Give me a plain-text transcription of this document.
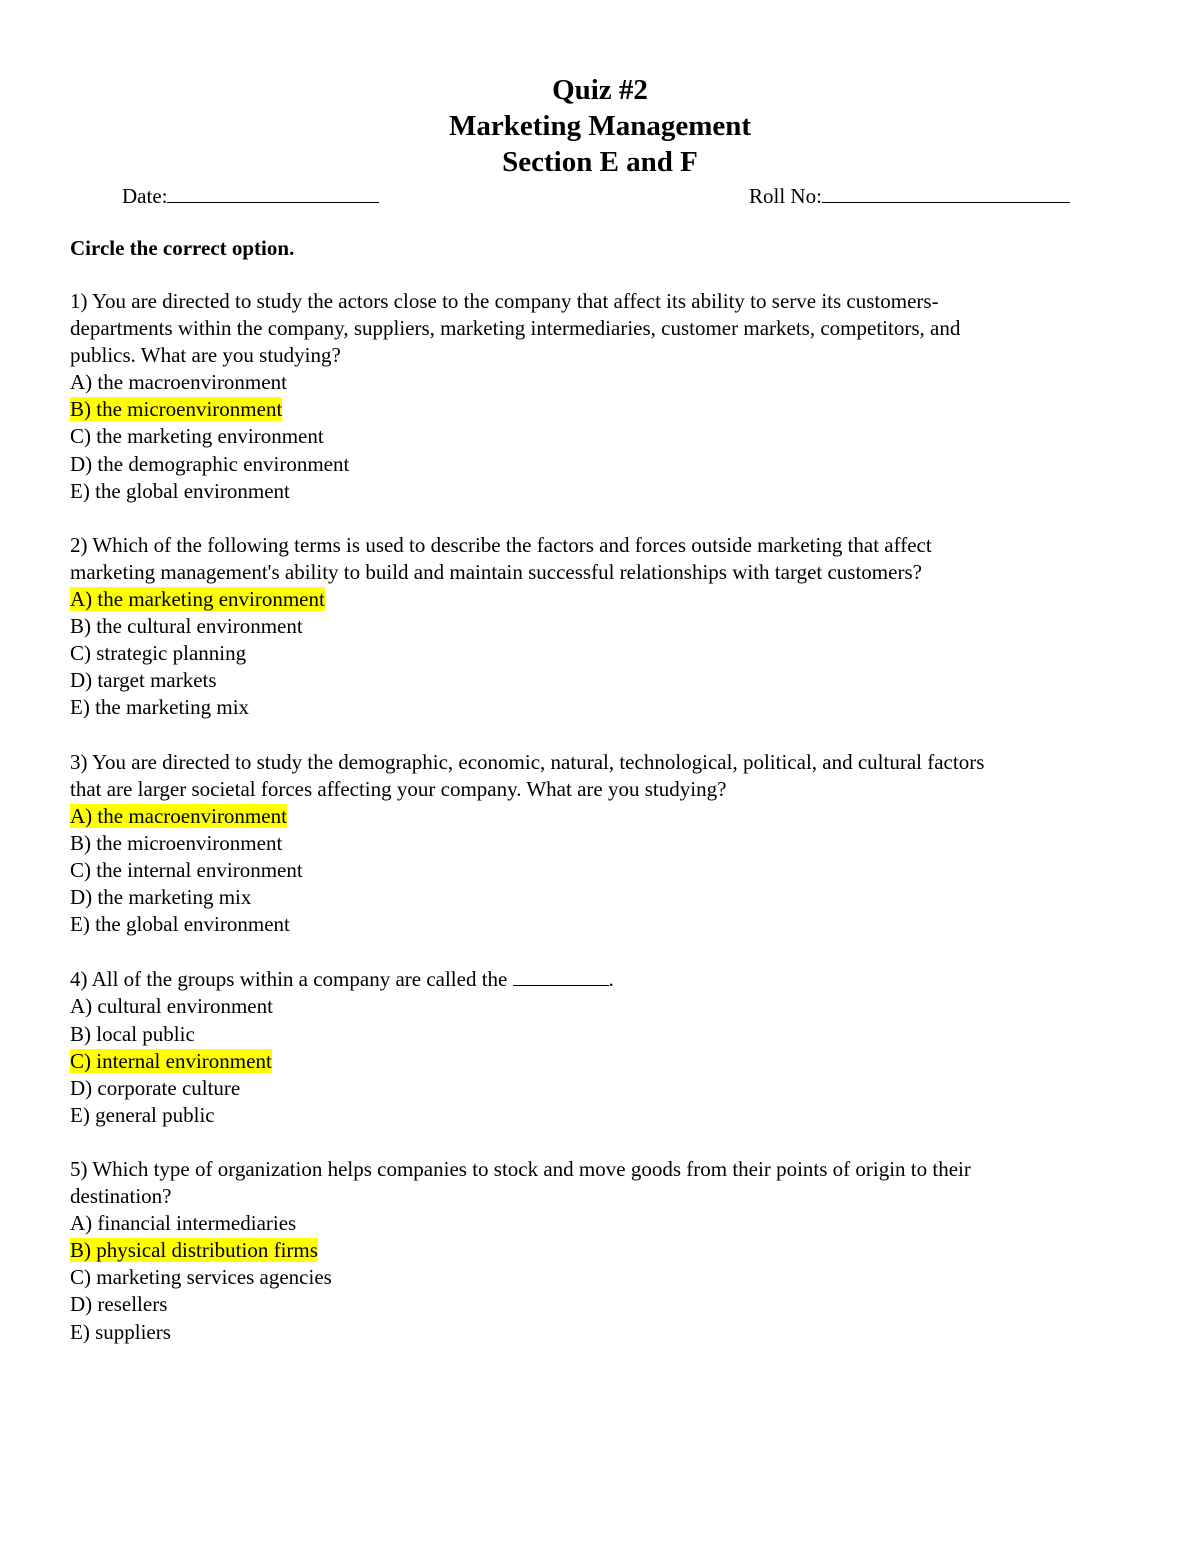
Quiz #2
Marketing Management
Section E and F
Date:	Roll No:
Circle the correct option.
1) You are directed to study the actors close to the company that affect its ability to serve its customers-
departments within the company, suppliers, marketing intermediaries, customer markets, competitors, and
publics. What are you studying?
A) the macroenvironment
B) the microenvironment
C) the marketing environment
D) the demographic environment
E) the global environment
2) Which of the following terms is used to describe the factors and forces outside marketing that affect
marketing management's ability to build and maintain successful relationships with target customers?
A) the marketing environment
B) the cultural environment
C) strategic planning
D) target markets
E) the marketing mix
3) You are directed to study the demographic, economic, natural, technological, political, and cultural factors
that are larger societal forces affecting your company. What are you studying?
A) the macroenvironment
B) the microenvironment
C) the internal environment
D) the marketing mix
E) the global environment
4) All of the groups within a company are called the	.
A) cultural environment
B) local public
C) internal environment
D) corporate culture
E) general public
5) Which type of organization helps companies to stock and move goods from their points of origin to their
destination?
A) financial intermediaries
B) physical distribution firms
C) marketing services agencies
D) resellers
E) suppliers
